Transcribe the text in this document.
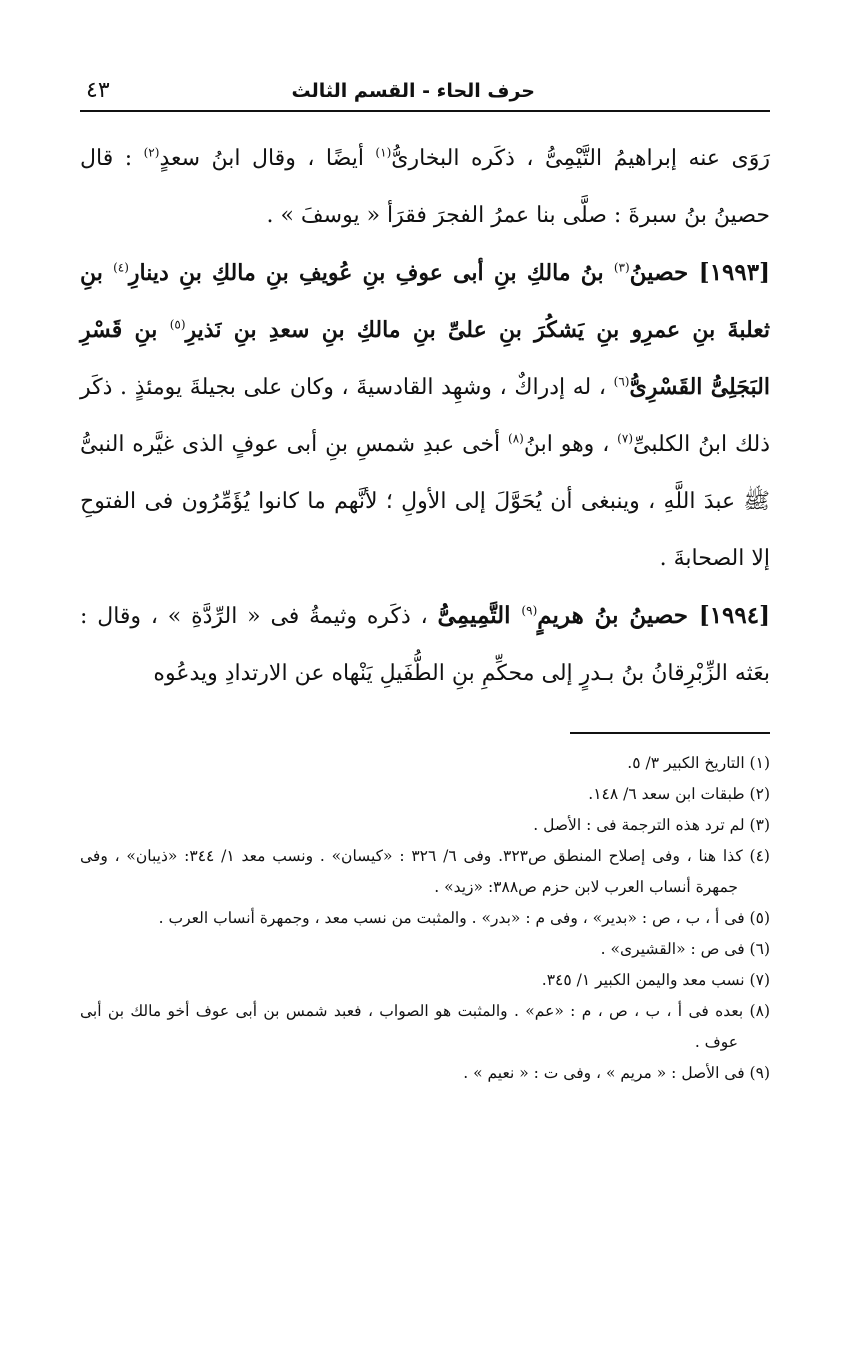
حرف الحاء - القسم الثالث
٤٣

رَوَى عنه إبراهيمُ التَّيْمِىُّ ، ذكَره البخارىُّ$^{(١)}$ أيضًا ، وقال ابنُ سعدٍ$^{(٢)}$ : قال حصينُ بنُ سبرةَ : صلَّى بنا عمرُ الفجرَ فقرَأ « يوسفَ » .

[١٩٩٣] حصينُ$^{(٣)}$ بنُ مالكِ بنِ أبى عوفِ بنِ عُويفِ بنِ مالكِ بنِ دينارِ$^{(٤)}$ بنِ ثعلبةَ بنِ عمرِو بنِ يَشكُرَ بنِ علىِّ بنِ مالكِ بنِ سعدِ بنِ نَذيرِ$^{(٥)}$ بنِ قَسْرِ البَجَلِىُّ القَسْرِىُّ$^{(٦)}$ ، له إدراكٌ ، وشهِد القادسيةَ ، وكان على بجيلةَ يومئذٍ . ذكَر ذلك ابنُ الكلبىِّ$^{(٧)}$ ، وهو ابنُ$^{(٨)}$ أخى عبدِ شمسِ بنِ أبى عوفٍ الذى غيَّره النبىُّ ﷺ عبدَ اللَّهِ ، وينبغى أن يُحَوَّلَ إلى الأولِ ؛ لأنَّهم ما كانوا يُؤَمِّرُون فى الفتوحِ إلا الصحابةَ .

[١٩٩٤] حصينُ بنُ هريمٍ$^{(٩)}$ التَّمِيمِىُّ ، ذكَره وثيمةُ فى « الرِّدَّةِ » ، وقال : بعَثه الزِّبْرِقانُ بنُ بـدرٍ إلى محكِّمِ بنِ الطُّفَيلِ يَنْهاه عن الارتدادِ ويدعُوه

(١) التاريخ الكبير ٣/ ٥.

(٢) طبقات ابن سعد ٦/ ١٤٨.

(٣) لم ترد هذه الترجمة فى : الأصل .

(٤) كذا هنا ، وفى إصلاح المنطق ص٣٢٣. وفى ٦/ ٣٢٦ : «كيسان» . ونسب معد ١/ ٣٤٤: «ذيبان» ، وفى جمهرة أنساب العرب لابن حزم ص٣٨٨: «زيد» .

(٥) فى أ ، ب ، ص : «بدير» ، وفى م : «بدر» . والمثبت من نسب معد ، وجمهرة أنساب العرب .

(٦) فى ص : «القشيرى» .

(٧) نسب معد واليمن الكبير ١/ ٣٤٥.

(٨) بعده فى أ ، ب ، ص ، م : «عم» . والمثبت هو الصواب ، فعبد شمس بن أبى عوف أخو مالك بن أبى عوف .

(٩) فى الأصل : « مريم » ، وفى ت : « نعيم » .
